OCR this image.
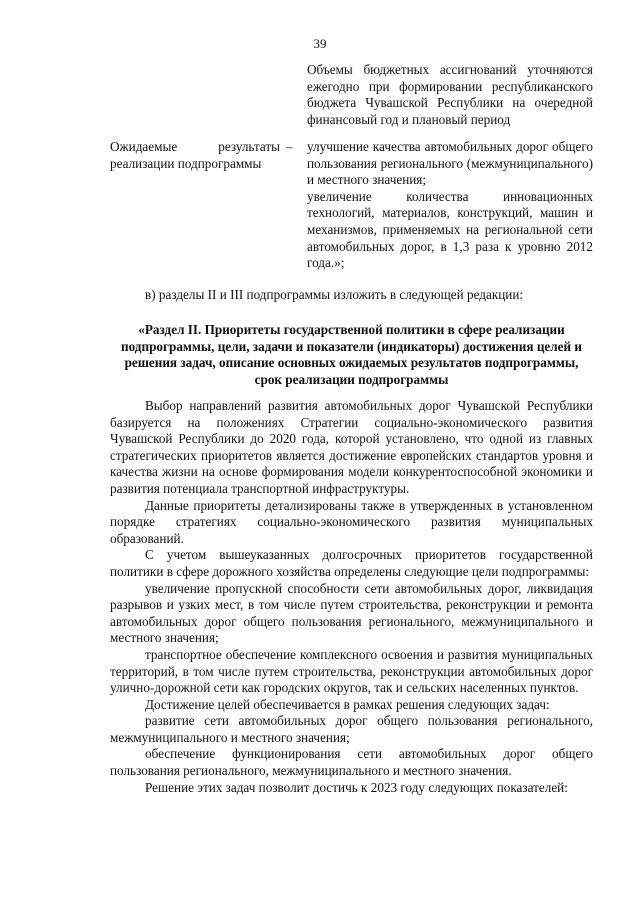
39
Объемы бюджетных ассигнований уточняются ежегодно при формировании республиканского бюджета Чувашской Республики на очередной финансовый год и плановый период
Ожидаемые результаты реализации подпрограммы
– улучшение качества автомобильных дорог общего пользования регионального (межмуниципального) и местного значения;

увеличение количества инновационных технологий, материалов, конструкций, машин и механизмов, применяемых на региональной сети автомобильных дорог, в 1,3 раза к уровню 2012 года.»;

в) разделы II и III подпрограммы изложить в следующей редакции:
«Раздел II. Приоритеты государственной политики в сфере реализации подпрограммы, цели, задачи и показатели (индикаторы) достижения целей и решения задач, описание основных ожидаемых результатов подпрограммы, срок реализации подпрограммы

Выбор направлений развития автомобильных дорог Чувашской Республики базируется на положениях Стратегии социально-экономического развития Чувашской Республики до 2020 года, которой установлено, что одной из главных стратегических приоритетов является достижение европейских стандартов уровня и качества жизни на основе формирования модели конкурентоспособной экономики и развития потенциала транспортной инфраструктуры.

Данные приоритеты детализированы также в утвержденных в установленном порядке стратегиях социально-экономического развития муниципальных образований.

С учетом вышеуказанных долгосрочных приоритетов государственной политики в сфере дорожного хозяйства определены следующие цели подпрограммы:

увеличение пропускной способности сети автомобильных дорог, ликвидация разрывов и узких мест, в том числе путем строительства, реконструкции и ремонта автомобильных дорог общего пользования регионального, межмуниципального и местного значения;

транспортное обеспечение комплексного освоения и развития муниципальных территорий, в том числе путем строительства, реконструкции автомобильных дорог улично-дорожной сети как городских округов, так и сельских населенных пунктов.

Достижение целей обеспечивается в рамках решения следующих задач:

развитие сети автомобильных дорог общего пользования регионального, межмуниципального и местного значения;

обеспечение функционирования сети автомобильных дорог общего пользования регионального, межмуниципального и местного значения.

Решение этих задач позволит достичь к 2023 году следующих показателей:
